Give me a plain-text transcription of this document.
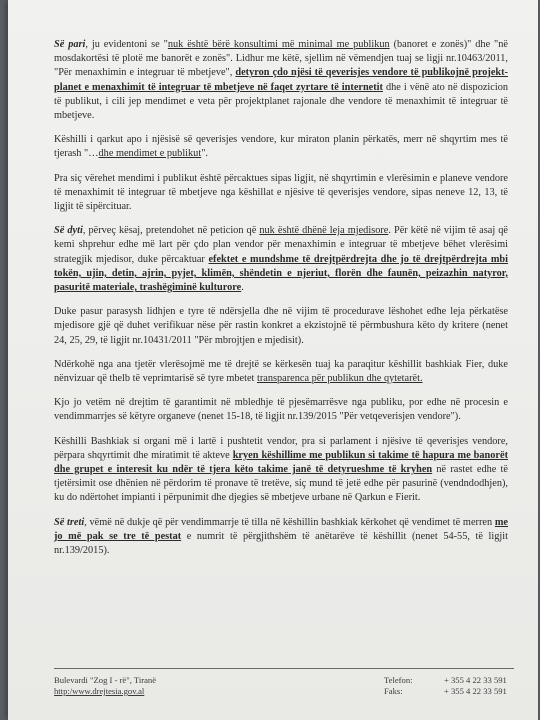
Së pari, ju evidentoni se "nuk është bërë konsultimi më minimal me publikun (banoret e zonës)" dhe "në mosdakortësi të plotë me banorët e zonës". Lidhur me këtë, sjellim në vëmendjen tuaj se ligji nr.10463/2011, "Për menaxhimin e integruar të mbetjeve", detyron çdo njësi të qeverisjes vendore të publikojnë projekt-planet e menaxhimit të integruar të mbetjeve në faqet zyrtare të internetit dhe i vënë ato në dispozicion të publikut, i cili jep mendimet e veta për projektplanet rajonale dhe vendore të menaxhimit të integruar të mbetjeve.

Këshilli i qarkut apo i njësisë së qeverisjes vendore, kur miraton planin përkatës, merr në shqyrtim mes të tjerash "…dhe mendimet e publikut".

Pra siç vërehet mendimi i publikut është përcaktues sipas ligjit, në shqyrtimin e vlerësimin e planeve vendore të menaxhimit të integruar të mbetjeve nga këshillat e njësive të qeverisjes vendore, sipas neneve 12, 13, të ligjit të sipërcituar.

Së dyti, përveç kësaj, pretendohet në peticion që nuk është dhënë leja mjedisore. Për këtë në vijim të asaj që kemi shprehur edhe më lart për çdo plan vendor për menaxhimin e integruar të mbetjeve bëhet vlerësimi strategjik mjedisor, duke përcaktuar efektet e mundshme të drejtpërdrejta dhe jo të drejtpërdrejta mbi tokën, ujin, detin, ajrin, pyjet, klimën, shëndetin e njeriut, florën dhe faunën, peizazhin natyror, pasuritë materiale, trashëgiminë kulturore.

Duke pasur parasysh lidhjen e tyre të ndërsjella dhe në vijim të procedurave lëshohet edhe leja përkatëse mjedisore gjë që duhet verifikuar nëse për rastin konkret a ekzistojnë të përmbushura këto dy kritere (nenet 24, 25, 29, të ligjit nr.10431/2011 "Për mbrojtjen e mjedisit).

Ndërkohë nga ana tjetër vlerësojmë me të drejtë se kërkesën tuaj ka paraqitur këshillit bashkiak Fier, duke nënvizuar që thelb të veprimtarisë së tyre mbetet transparenca për publikun dhe qytetarët.

Kjo jo vetëm në drejtim të garantimit në mbledhje të pjesëmarrësve nga publiku, por edhe në procesin e vendimmarrjes së këtyre organeve (nenet 15-18, të ligjit nr.139/2015 "Për vetqeverisjen vendore").

Këshilli Bashkiak si organi më i lartë i pushtetit vendor, pra si parlament i njësive të qeverisjes vendore, përpara shqyrtimit dhe miratimit të akteve kryen këshillime me publikun si takime të hapura me banorët dhe grupet e interesit ku ndër të tjera këto takime janë të detyrueshme të kryhen në rastet edhe të tjetërsimit ose dhënien në përdorim të pronave të tretëve, siç mund të jetë edhe për pasurinë (vendndodhjen), ku do ndërtohet impianti i përpunimit dhe djegies së mbetjeve urbane në Qarkun e Fierit.

Së treti, vëmë në dukje që për vendimmarrje të tilla në këshillin bashkiak kërkohet që vendimet të merren me jo më pak se tre të pestat e numrit të përgjithshëm të anëtarëve të këshillit (nenet 54-55, të ligjit nr.139/2015).

Bulevardi "Zog I - rë", Tiranë
http:/www.drejtesia.gov.al
Telefon:	+ 355 4 22 33 591
Faks:	+ 355 4 22 33 591
